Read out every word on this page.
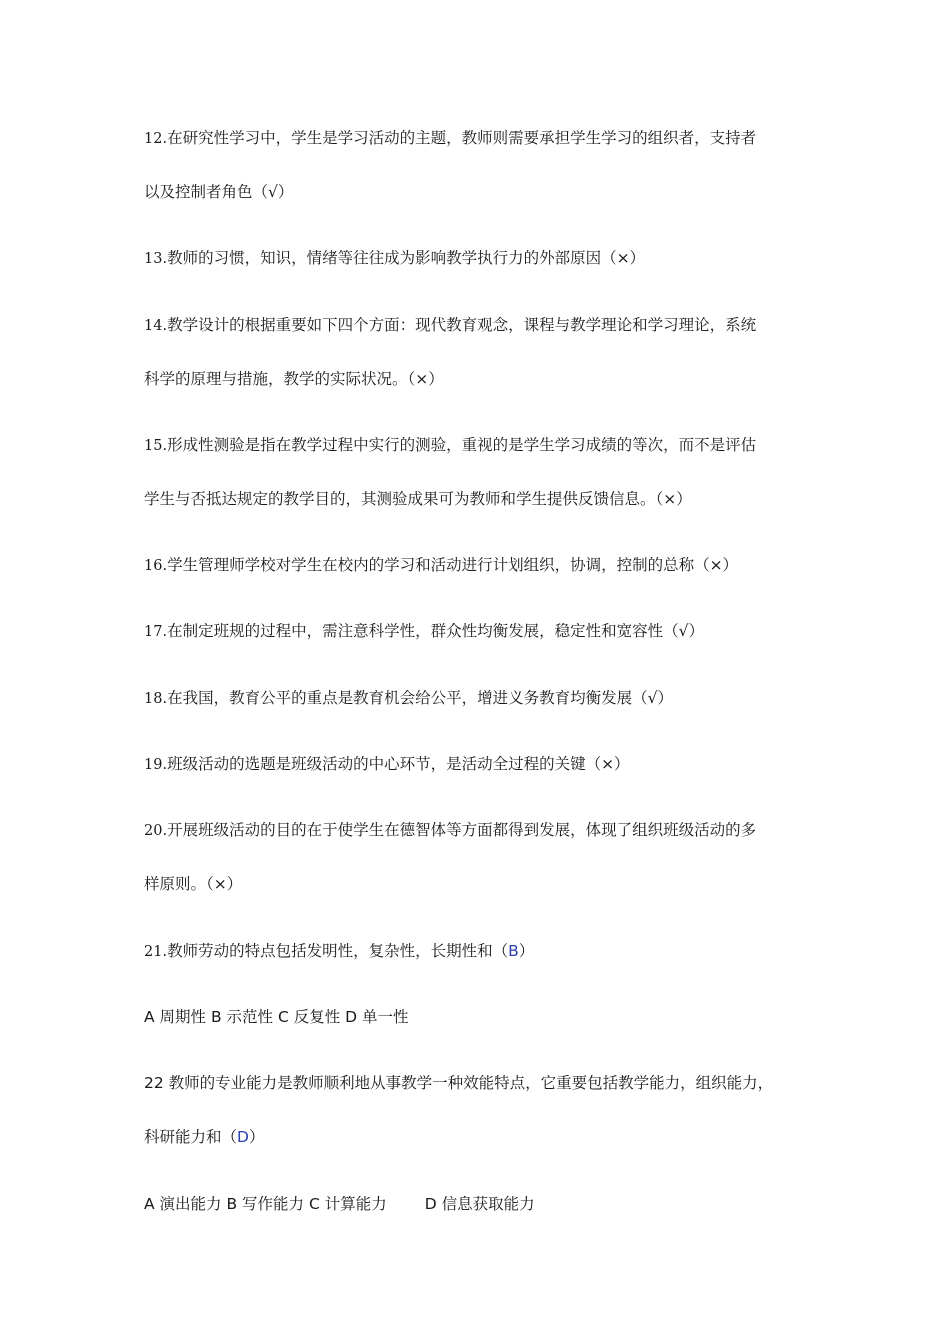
12.在研究性学习中，学生是学习活动的主题，教师则需要承担学生学习的组织者，支持者
以及控制者角色（√）
13.教师的习惯，知识，情绪等往往成为影响教学执行力的外部原因（×）
14.教学设计的根据重要如下四个方面：现代教育观念，课程与教学理论和学习理论，系统
科学的原理与措施，教学的实际状况。（×）
15.形成性测验是指在教学过程中实行的测验，重视的是学生学习成绩的等次，而不是评估
学生与否抵达规定的教学目的，其测验成果可为教师和学生提供反馈信息。（×）
16.学生管理师学校对学生在校内的学习和活动进行计划组织，协调，控制的总称（×）
17.在制定班规的过程中，需注意科学性，群众性均衡发展，稳定性和宽容性（√）
18.在我国，教育公平的重点是教育机会给公平，增进义务教育均衡发展（√）
19.班级活动的选题是班级活动的中心环节，是活动全过程的关键（×）
20.开展班级活动的目的在于使学生在德智体等方面都得到发展，体现了组织班级活动的多
样原则。（×）
21.教师劳动的特点包括发明性，复杂性，长期性和（B）
A 周期性 B 示范性 C 反复性 D 单一性
22 教师的专业能力是教师顺利地从事教学一种效能特点，它重要包括教学能力，组织能力，
科研能力和（D）
A 演出能力 B 写作能力 C 计算能力 D 信息获取能力
